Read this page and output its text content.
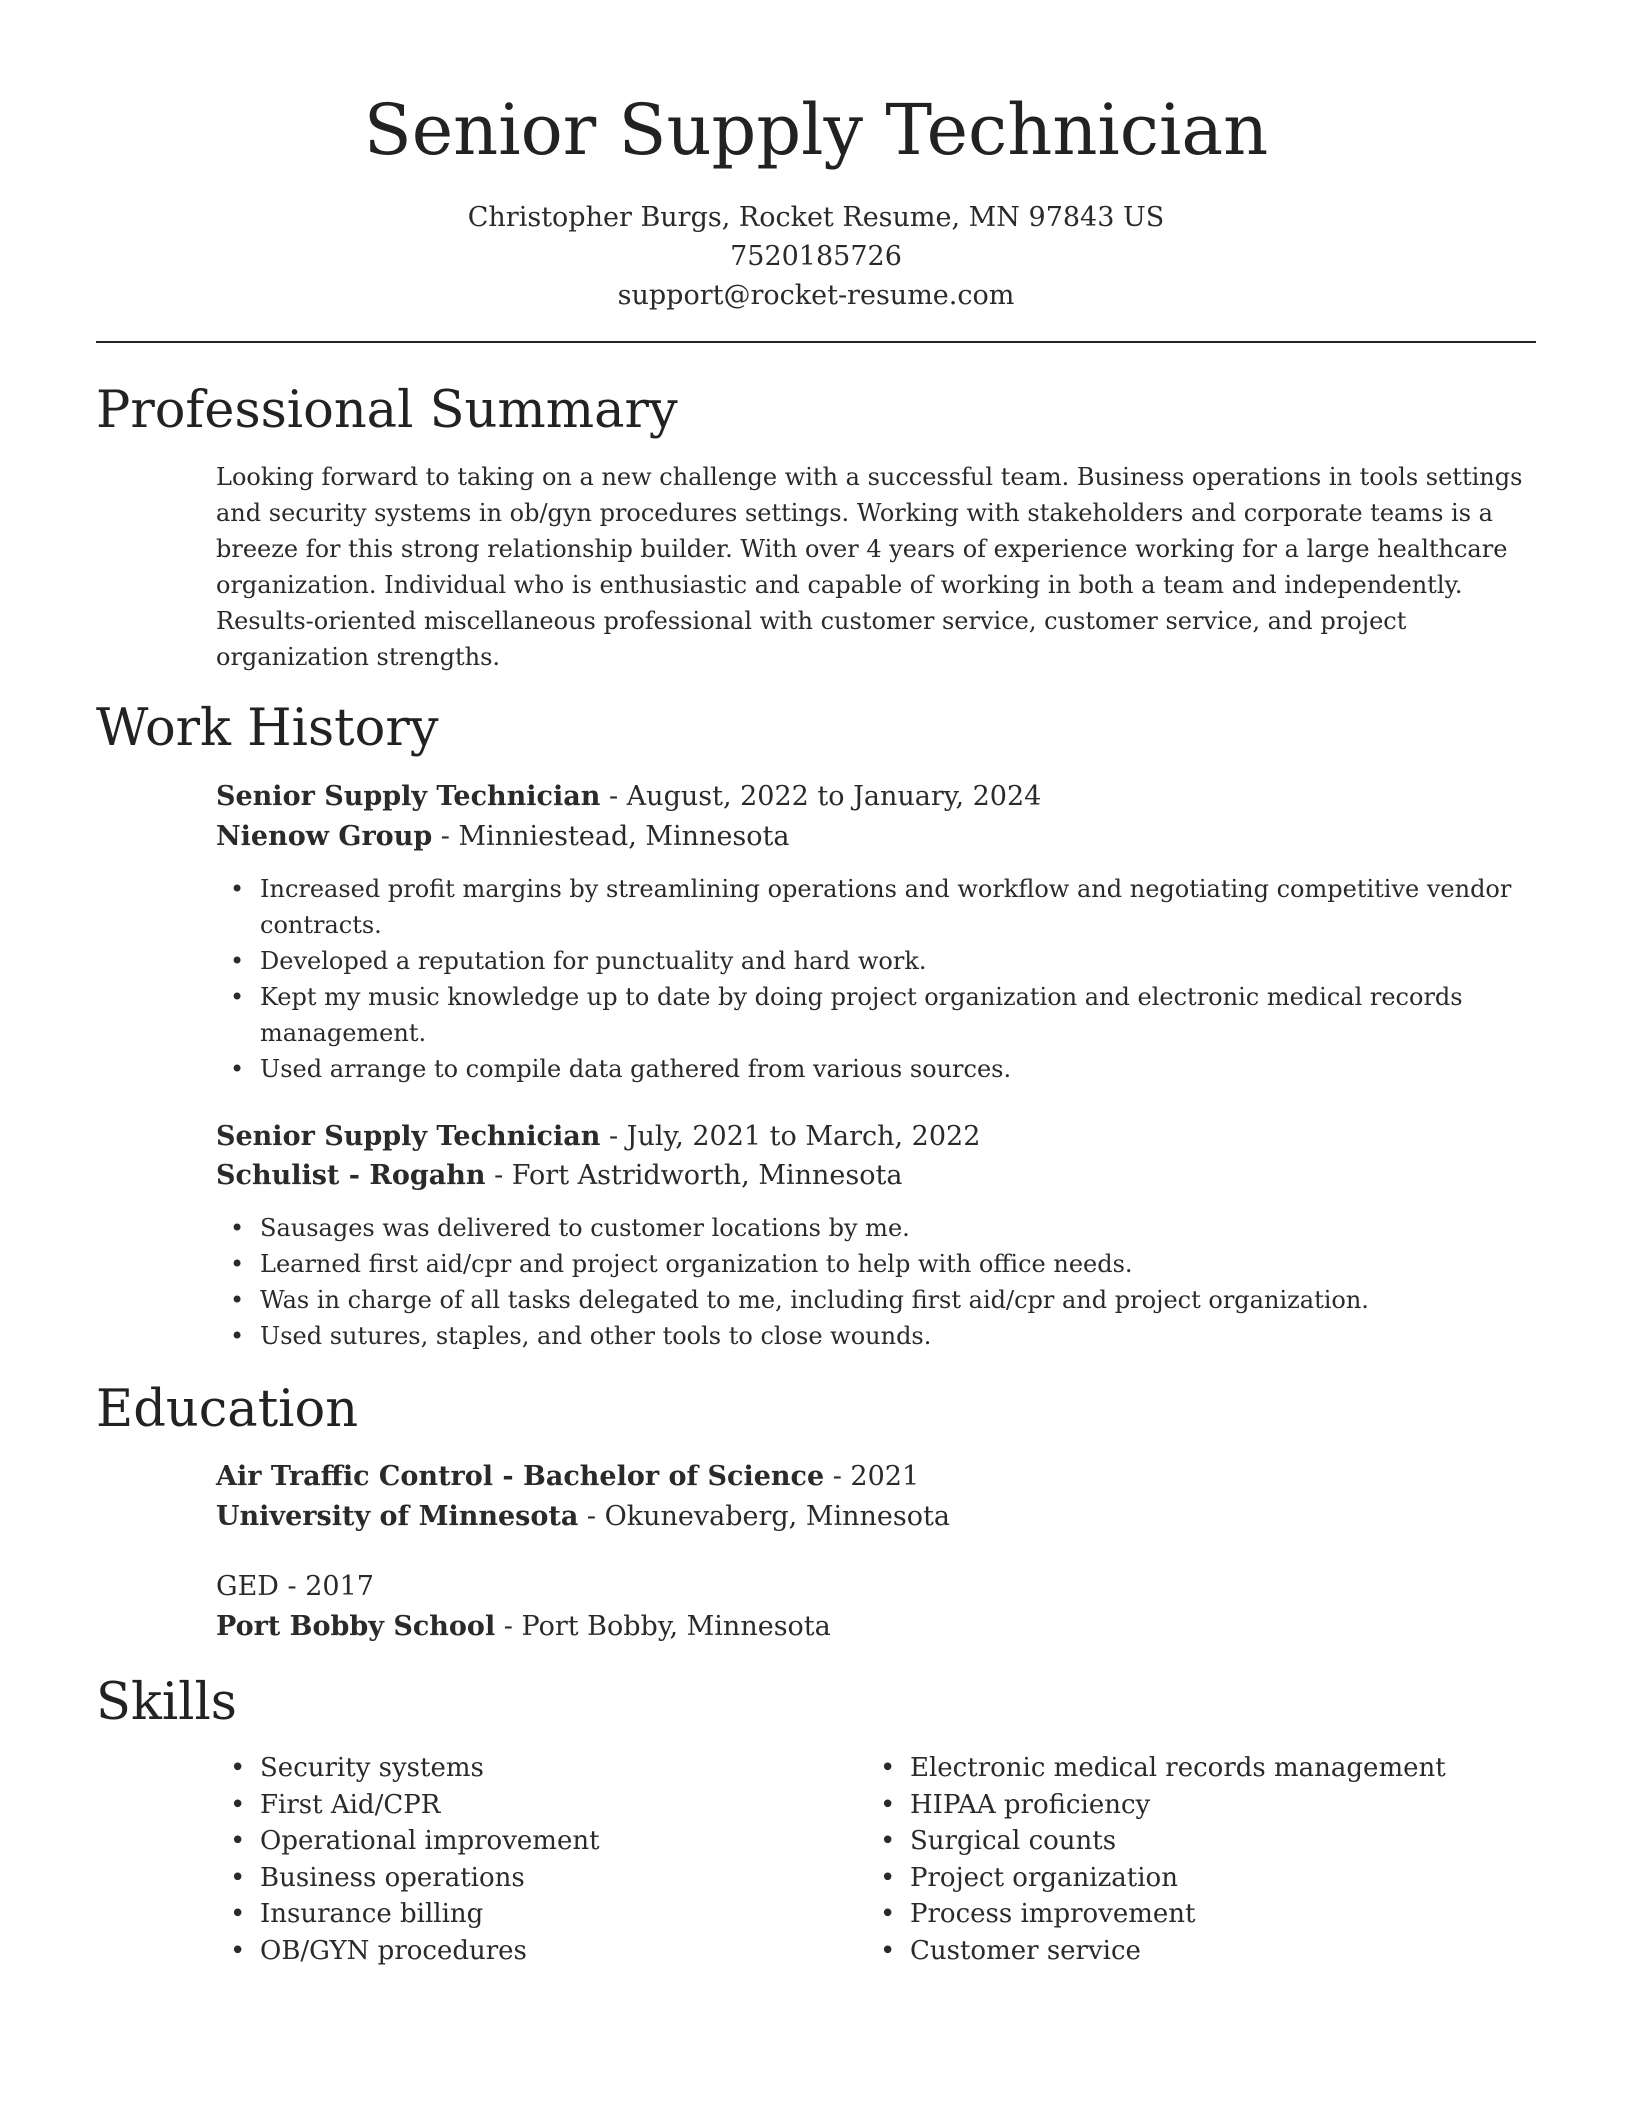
Senior Supply Technician
Christopher Burgs, Rocket Resume, MN 97843 US
7520185726
support@rocket-resume.com
Professional Summary

Looking forward to taking on a new challenge with a successful team. Business operations in tools settings and security systems in ob/gyn procedures settings. Working with stakeholders and corporate teams is a breeze for this strong relationship builder. With over 4 years of experience working for a large healthcare organization. Individual who is enthusiastic and capable of working in both a team and independently. Results-oriented miscellaneous professional with customer service, customer service, and project organization strengths.

Work History
Senior Supply Technician - August, 2022 to January, 2024
Nienow Group - Minniestead, Minnesota
• Increased profit margins by streamlining operations and workflow and negotiating competitive vendor contracts.
• Developed a reputation for punctuality and hard work.
• Kept my music knowledge up to date by doing project organization and electronic medical records management.
• Used arrange to compile data gathered from various sources.
Senior Supply Technician - July, 2021 to March, 2022
Schulist - Rogahn - Fort Astridworth, Minnesota
• Sausages was delivered to customer locations by me.
• Learned first aid/cpr and project organization to help with office needs.
• Was in charge of all tasks delegated to me, including first aid/cpr and project organization.
• Used sutures, staples, and other tools to close wounds.
Education
Air Traffic Control - Bachelor of Science - 2021
University of Minnesota - Okunevaberg, Minnesota
GED - 2017
Port Bobby School - Port Bobby, Minnesota
Skills
• Security systems
• First Aid/CPR
• Operational improvement
• Business operations
• Insurance billing
• OB/GYN procedures
• Electronic medical records management
• HIPAA proficiency
• Surgical counts
• Project organization
• Process improvement
• Customer service
